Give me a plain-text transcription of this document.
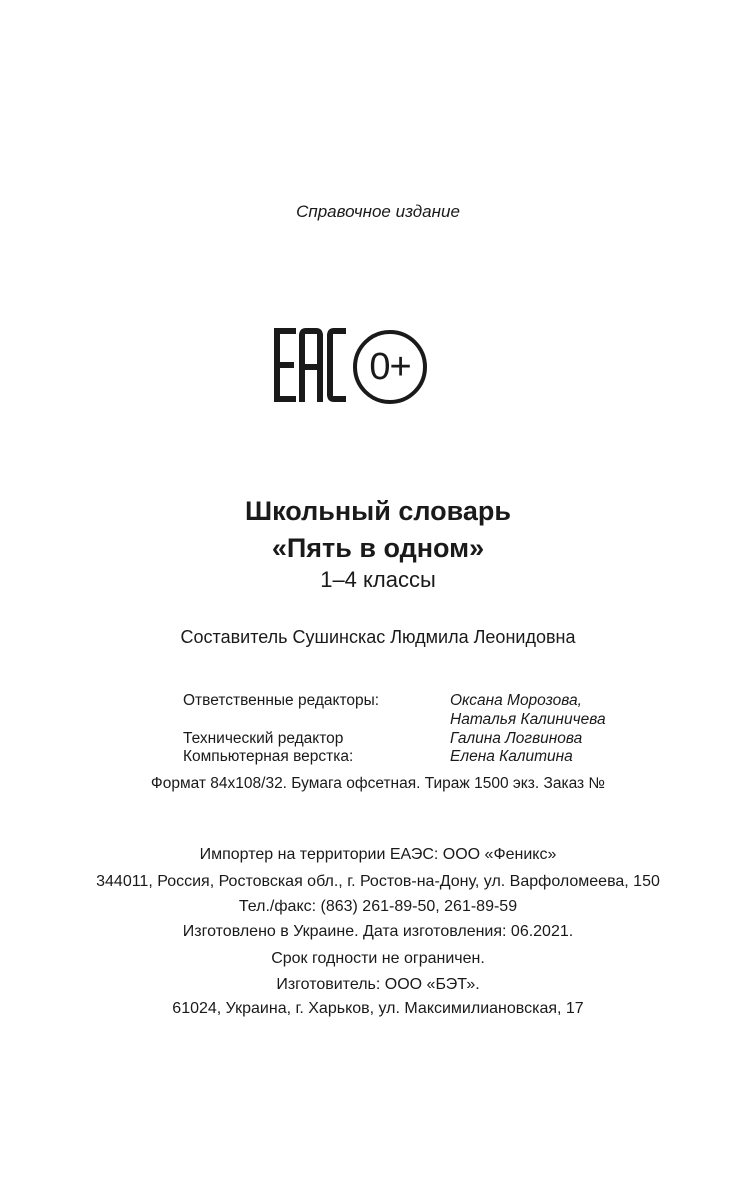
Справочное издание
0+
Школьный словарь
«Пять в одном»
1–4 классы
Составитель Сушинскас Людмила Леонидовна
Ответственные редакторы:	Оксана Морозова,
Наталья Калиничева
Технический редактор	Галина Логвинова
Компьютерная верстка:	Елена Калитина
Формат 84x108/32. Бумага офсетная. Тираж 1500 экз. Заказ №
Импортер на территории ЕАЭС: ООО «Феникс»
344011, Россия, Ростовская обл., г. Ростов-на-Дону, ул. Варфоломеева, 150
Тел./факс: (863) 261-89-50, 261-89-59
Изготовлено в Украине. Дата изготовления: 06.2021.
Срок годности не ограничен.
Изготовитель: ООО «БЭТ».
61024, Украина, г. Харьков, ул. Максимилиановская, 17
